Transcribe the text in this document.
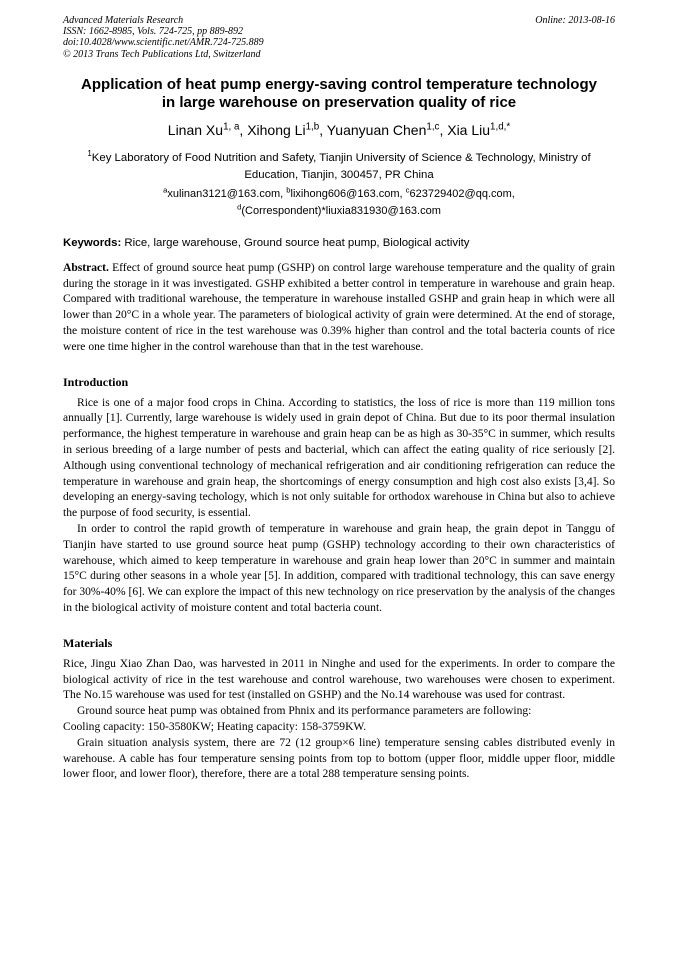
Advanced Materials Research
ISSN: 1662-8985, Vols. 724-725, pp 889-892
doi:10.4028/www.scientific.net/AMR.724-725.889
© 2013 Trans Tech Publications Ltd, Switzerland
Online: 2013-08-16
Application of heat pump energy-saving control temperature technology
in large warehouse on preservation quality of rice
Linan Xu$^{1, a}$, Xihong Li$^{1,b}$, Yuanyuan Chen$^{1,c}$, Xia Liu$^{1,d,*}$
$^1$Key Laboratory of Food Nutrition and Safety, Tianjin University of Science & Technology, Ministry of Education, Tianjin, 300457, PR China
$^a$xulinan3121@163.com, $^b$lixihong606@163.com, $^c$623729402@qq.com,
$^d$(Correspondent)*liuxia831930@163.com
Keywords: Rice, large warehouse, Ground source heat pump, Biological activity

Abstract. Effect of ground source heat pump (GSHP) on control large warehouse temperature and the quality of grain during the storage in it was investigated. GSHP exhibited a better control in temperature in warehouse and grain heap. Compared with traditional warehouse, the temperature in warehouse installed GSHP and grain heap in which were all lower than 20°C in a whole year. The parameters of biological activity of grain were determined. At the end of storage, the moisture content of rice in the test warehouse was 0.39% higher than control and the total bacteria counts of rice were one time higher in the control warehouse than that in the test warehouse.

Introduction

Rice is one of a major food crops in China. According to statistics, the loss of rice is more than 119 million tons annually [1]. Currently, large warehouse is widely used in grain depot of China. But due to its poor thermal insulation performance, the highest temperature in warehouse and grain heap can be as high as 30-35°C in summer, which results in serious breeding of a large number of pests and bacterial, which can affect the eating quality of rice seriously [2]. Although using conventional technology of mechanical refrigeration and air conditioning refrigeration can reduce the temperature in warehouse and grain heap, the shortcomings of energy consumption and high cost also exists [3,4]. So developing an energy-saving techology, which is not only suitable for orthodox warehouse in China but also to achieve the purpose of food security, is essential.

In order to control the rapid growth of temperature in warehouse and grain heap, the grain depot in Tanggu of Tianjin have started to use ground source heat pump (GSHP) technology according to their own characteristics of warehouse, which aimed to keep temperature in warehouse and grain heap lower than 20°C in summer and maintain 15°C during other seasons in a whole year [5]. In addition, compared with traditional technology, this can save energy for 30%-40% [6]. We can explore the impact of this new technology on rice preservation by the analysis of the changes in the biological activity of moisture content and total bacteria count.

Materials

Rice, Jingu Xiao Zhan Dao, was harvested in 2011 in Ninghe and used for the experiments. In order to compare the biological activity of rice in the test warehouse and control warehouse, two warehouses were chosen to experiment. The No.15 warehouse was used for test (installed on GSHP) and the No.14 warehouse was used for contrast.

Ground source heat pump was obtained from Phnix and its performance parameters are following:

Cooling capacity: 150-3580KW; Heating capacity: 158-3759KW.

Grain situation analysis system, there are 72 (12 group×6 line) temperature sensing cables distributed evenly in warehouse. A cable has four temperature sensing points from top to bottom (upper floor, middle upper floor, middle lower floor, and lower floor), therefore, there are a total 288 temperature sensing points.
